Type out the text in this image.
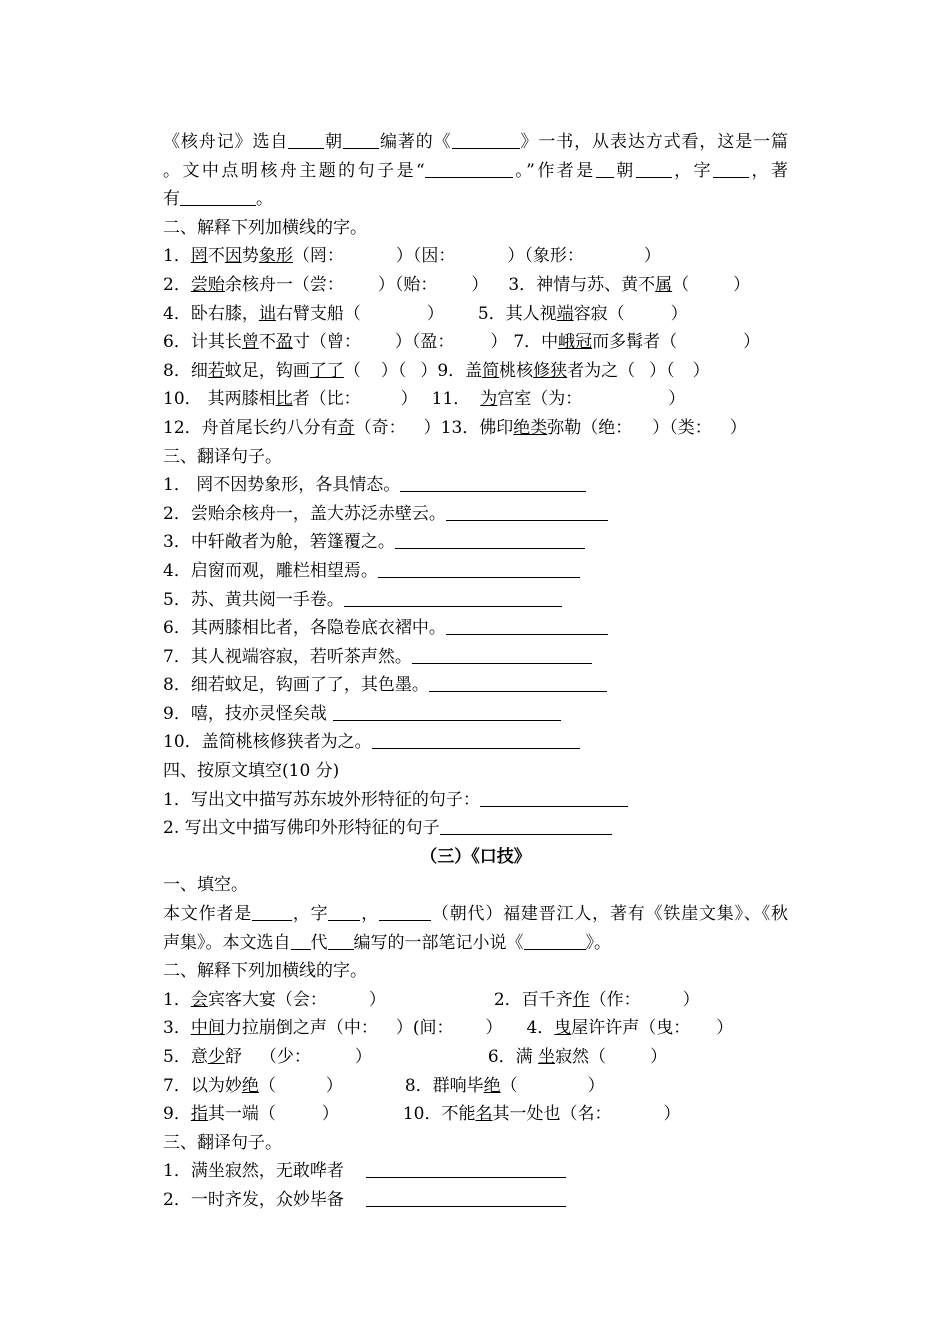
《核舟记》选自 朝 编著的《	》一书，从表达方式看，这是一篇
。文中点明核舟主题的句子是“	。”作者是 朝 ，字 ，著
有	。
二、解释下列加横线的字。
1．罔不因势象形（罔：	）（因：	）（象形：	）
2．尝贻余核舟一（尝： ）（贻： ） 3．神情与苏、黄不属（	）
4．卧右膝，诎右臂支船（	） 5．其人视端容寂（	）
6．计其长曾不盈寸（曾： ）（盈： ） 7．中峨冠而多髯者（	）
8．细若蚊足，钩画了了（ ）（ ）9．盖简桃核修狭者为之（ ）（ ）
10． 其两膝相比者（比： ） 11． 为宫室（为：	）
12．舟首尾长约八分有奇（奇： ）13．佛印绝类弥勒（绝： ）（类： ）
三、翻译句子。
1． 罔不因势象形，各具情态。
2．尝贻余核舟一，盖大苏泛赤壁云。
3．中轩敞者为舱，箬篷覆之。
4．启窗而观，雕栏相望焉。
5．苏、黄共阅一手卷。
6．其两膝相比者，各隐卷底衣褶中。
7．其人视端容寂，若听茶声然。
8．细若蚊足，钩画了了，其色墨。
9．嘻，技亦灵怪矣哉
10．盖简桃核修狭者为之。
四、按原文填空(10 分)
1．写出文中描写苏东坡外形特征的句子：
2. 写出文中描写佛印外形特征的句子
（三）《口技》
一、填空。
本文作者是 ，字 ，	（朝代）福建晋江人，著有《铁崖文集》、《秋
声集》。本文选自 代 编写的一部笔记小说《	》。
二、解释下列加横线的字。
1．会宾客大宴（会： ）	2．百千齐作（作： ）
3．中间力拉崩倒之声（中： ）(间： ） 4．曳屋许许声（曳： ）
5．意少舒 （少：	）	6．满 坐寂然（	）
7．以为妙绝（	）	8．群响毕绝（	）
9．指其一端（	）	10．不能名其一处也（名：	）
三、翻译句子。
1．满坐寂然，无敢哗者
2．一时齐发，众妙毕备
